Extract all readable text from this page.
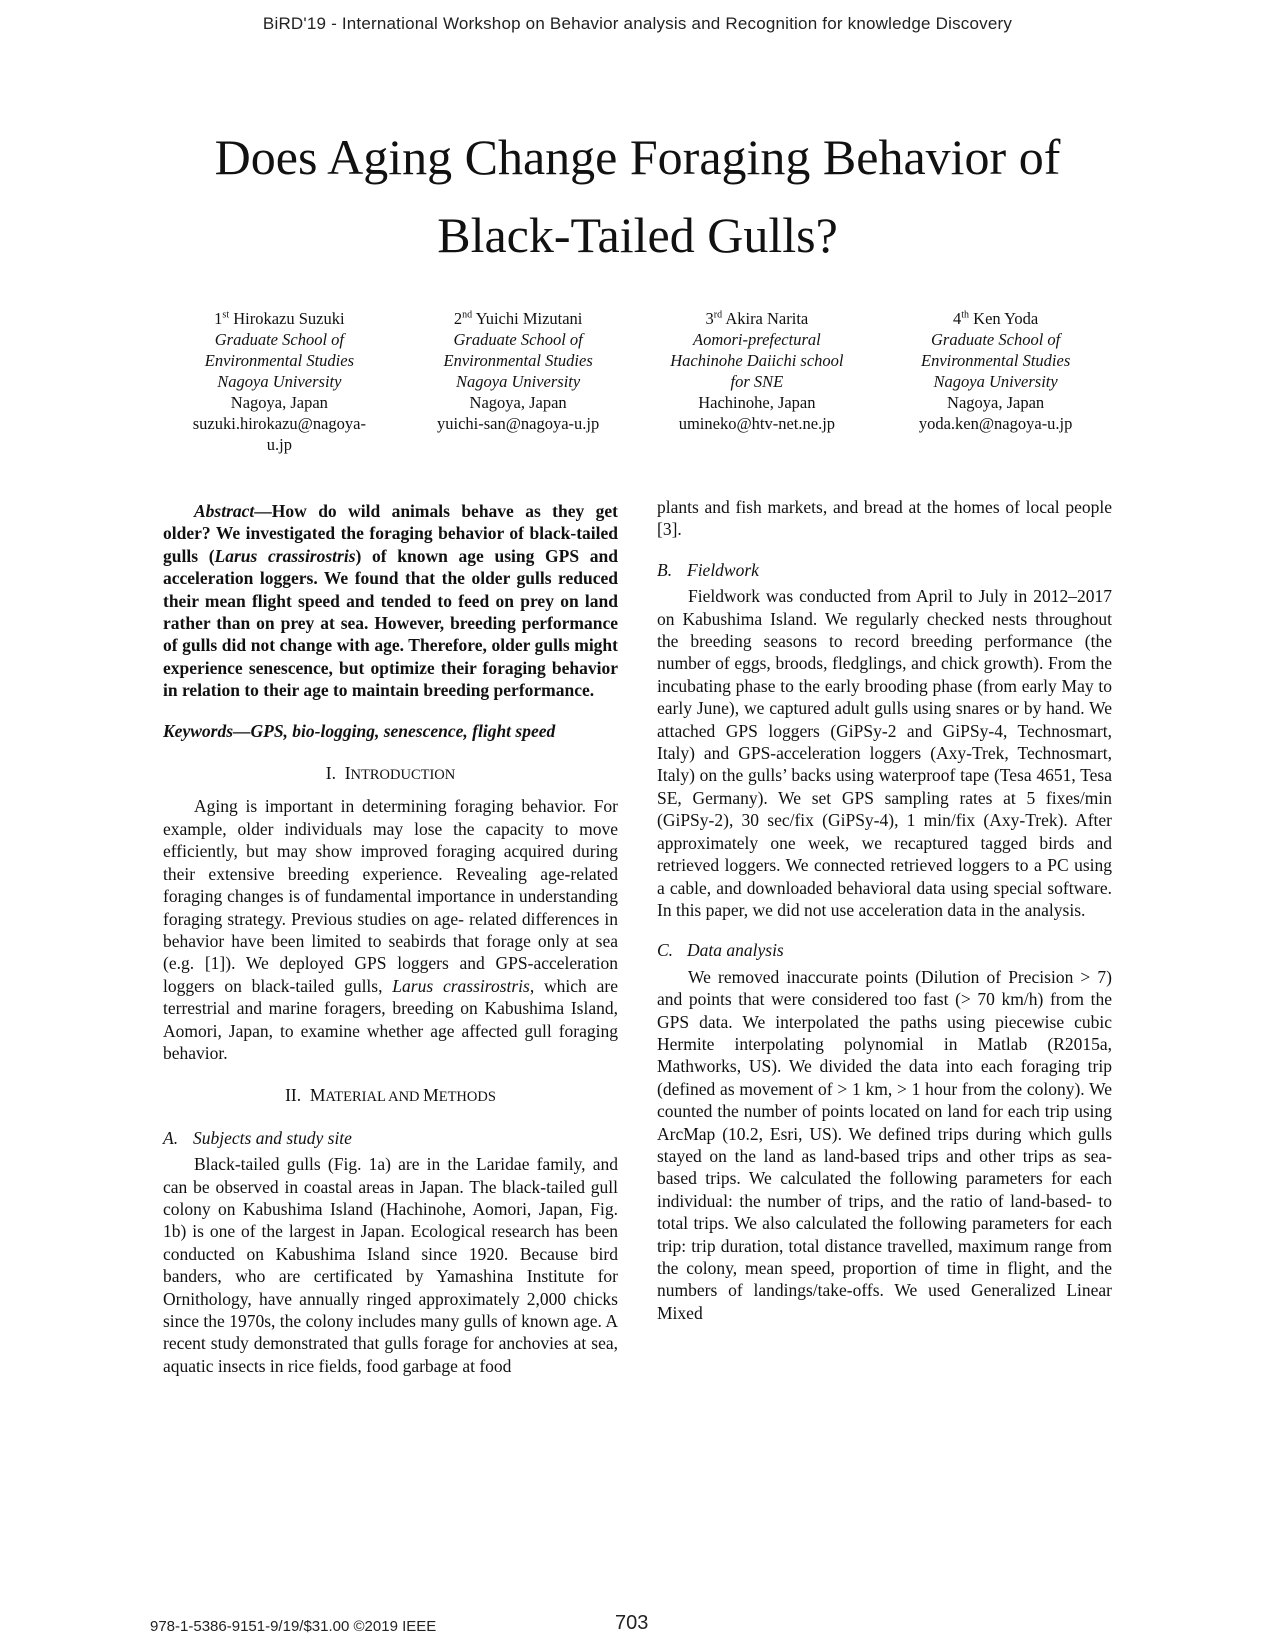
BiRD'19 - International Workshop on Behavior analysis and Recognition for knowledge Discovery
Does Aging Change Foraging Behavior of
Black-Tailed Gulls?
1st Hirokazu Suzuki
Graduate School of
Environmental Studies
Nagoya University
Nagoya, Japan
suzuki.hirokazu@nagoya-
u.jp
2nd Yuichi Mizutani
Graduate School of
Environmental Studies
Nagoya University
Nagoya, Japan
yuichi-san@nagoya-u.jp
3rd Akira Narita
Aomori-prefectural
Hachinohe Daiichi school
for SNE
Hachinohe, Japan
umineko@htv-net.ne.jp
4th Ken Yoda
Graduate School of
Environmental Studies
Nagoya University
Nagoya, Japan
yoda.ken@nagoya-u.jp

Abstract—How do wild animals behave as they get older? We investigated the foraging behavior of black-tailed gulls (Larus crassirostris) of known age using GPS and acceleration loggers. We found that the older gulls reduced their mean flight speed and tended to feed on prey on land rather than on prey at sea. However, breeding performance of gulls did not change with age. Therefore, older gulls might experience senescence, but optimize their foraging behavior in relation to their age to maintain breeding performance.

Keywords—GPS, bio-logging, senescence, flight speed

I. INTRODUCTION

Aging is important in determining foraging behavior. For example, older individuals may lose the capacity to move efficiently, but may show improved foraging acquired during their extensive breeding experience. Revealing age-related foraging changes is of fundamental importance in understanding foraging strategy. Previous studies on age- related differences in behavior have been limited to seabirds that forage only at sea (e.g. [1]). We deployed GPS loggers and GPS-acceleration loggers on black-tailed gulls, Larus crassirostris, which are terrestrial and marine foragers, breeding on Kabushima Island, Aomori, Japan, to examine whether age affected gull foraging behavior.

II. MATERIAL AND METHODS
A. Subjects and study site

Black-tailed gulls (Fig. 1a) are in the Laridae family, and can be observed in coastal areas in Japan. The black-tailed gull colony on Kabushima Island (Hachinohe, Aomori, Japan, Fig. 1b) is one of the largest in Japan. Ecological research has been conducted on Kabushima Island since 1920. Because bird banders, who are certificated by Yamashina Institute for Ornithology, have annually ringed approximately 2,000 chicks since the 1970s, the colony includes many gulls of known age. A recent study demonstrated that gulls forage for anchovies at sea, aquatic insects in rice fields, food garbage at food

plants and fish markets, and bread at the homes of local people [3].

B. Fieldwork

Fieldwork was conducted from April to July in 2012–2017 on Kabushima Island. We regularly checked nests throughout the breeding seasons to record breeding performance (the number of eggs, broods, fledglings, and chick growth). From the incubating phase to the early brooding phase (from early May to early June), we captured adult gulls using snares or by hand. We attached GPS loggers (GiPSy-2 and GiPSy-4, Technosmart, Italy) and GPS-acceleration loggers (Axy-Trek, Technosmart, Italy) on the gulls’ backs using waterproof tape (Tesa 4651, Tesa SE, Germany). We set GPS sampling rates at 5 fixes/min (GiPSy-2), 30 sec/fix (GiPSy-4), 1 min/fix (Axy-Trek). After approximately one week, we recaptured tagged birds and retrieved loggers. We connected retrieved loggers to a PC using a cable, and downloaded behavioral data using special software. In this paper, we did not use acceleration data in the analysis.

C. Data analysis

We removed inaccurate points (Dilution of Precision > 7) and points that were considered too fast (> 70 km/h) from the GPS data. We interpolated the paths using piecewise cubic Hermite interpolating polynomial in Matlab (R2015a, Mathworks, US). We divided the data into each foraging trip (defined as movement of > 1 km, > 1 hour from the colony). We counted the number of points located on land for each trip using ArcMap (10.2, Esri, US). We defined trips during which gulls stayed on the land as land-based trips and other trips as sea-based trips. We calculated the following parameters for each individual: the number of trips, and the ratio of land-based- to total trips. We also calculated the following parameters for each trip: trip duration, total distance travelled, maximum range from the colony, mean speed, proportion of time in flight, and the numbers of landings/take-offs. We used Generalized Linear Mixed

978-1-5386-9151-9/19/$31.00 ©2019 IEEE	703
